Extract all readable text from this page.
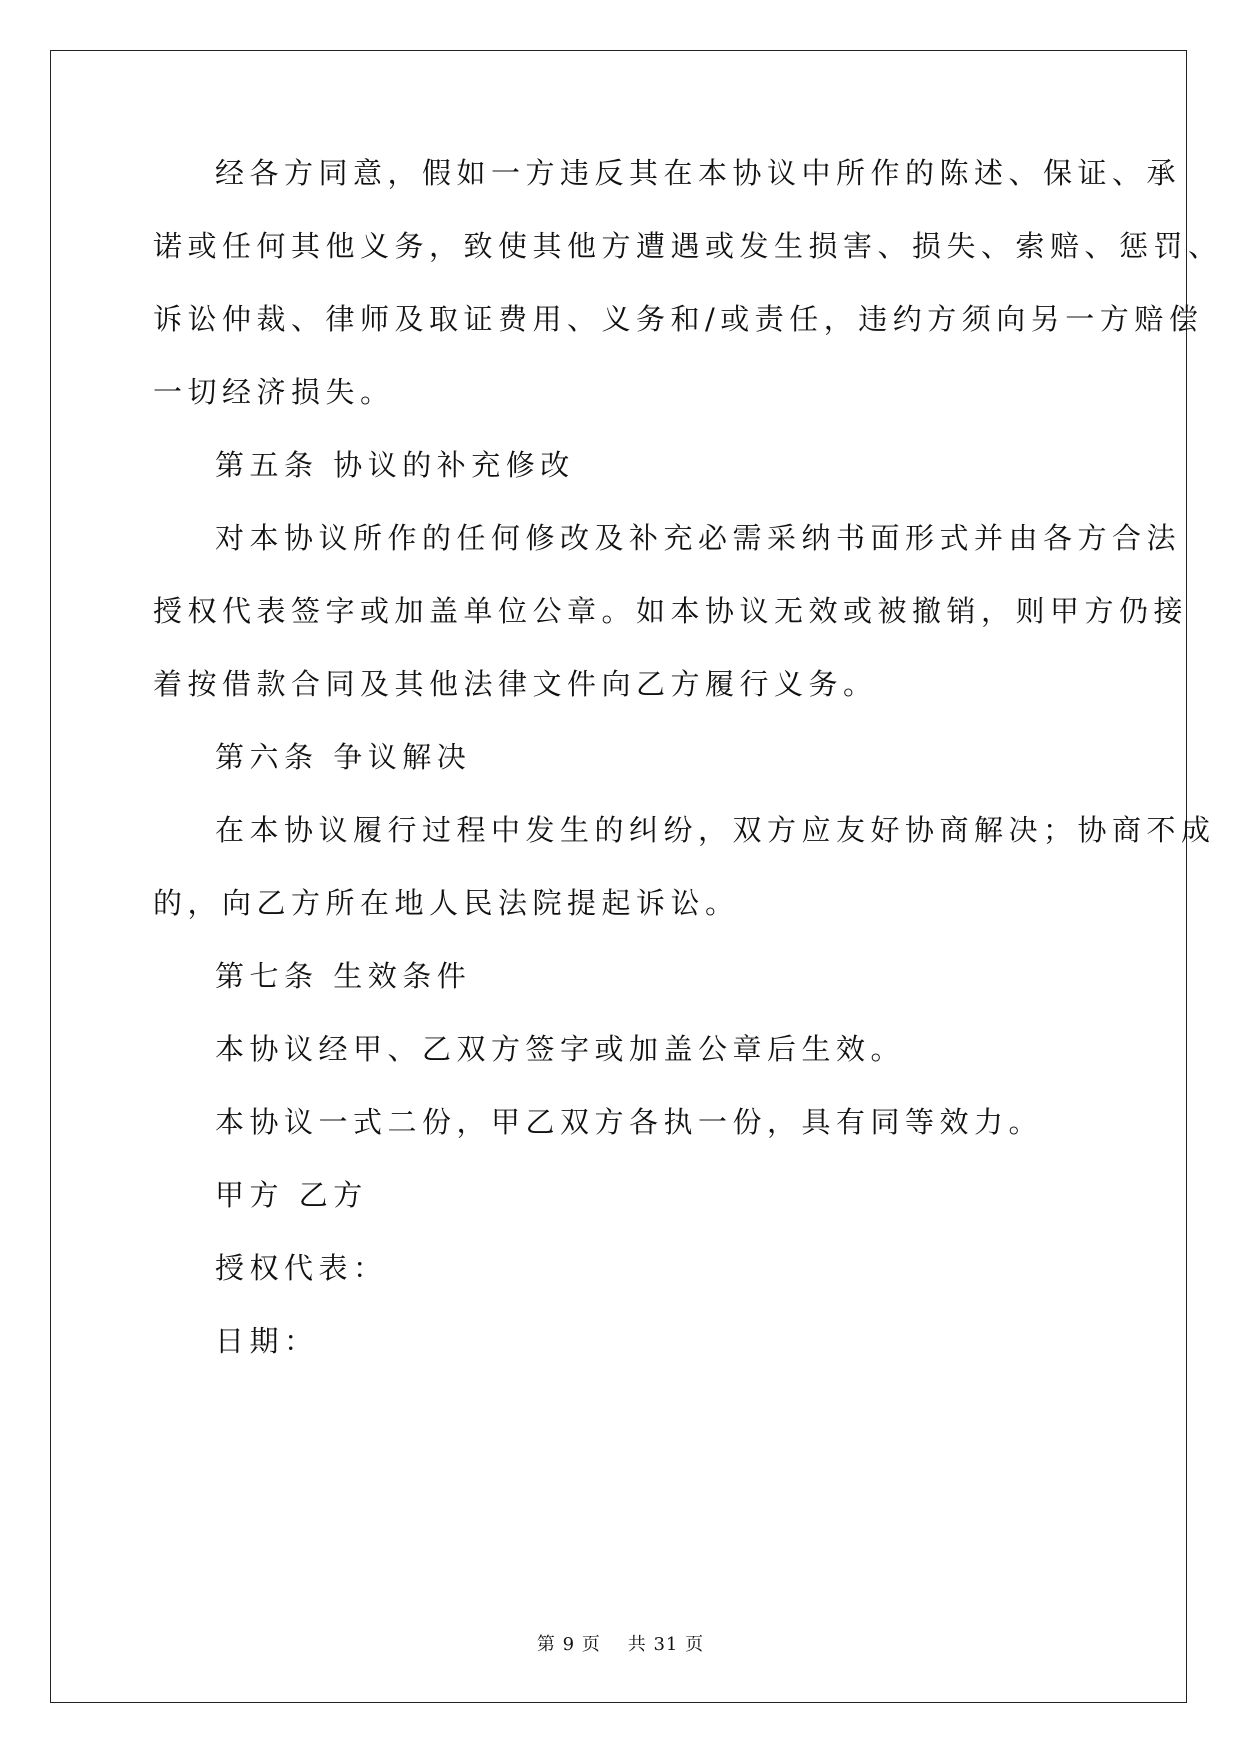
经各方同意，假如一方违反其在本协议中所作的陈述、保证、承
诺或任何其他义务，致使其他方遭遇或发生损害、损失、索赔、惩罚、
诉讼仲裁、律师及取证费用、义务和/或责任，违约方须向另一方赔偿
一切经济损失。
第五条 协议的补充修改
对本协议所作的任何修改及补充必需采纳书面形式并由各方合法
授权代表签字或加盖单位公章。如本协议无效或被撤销，则甲方仍接
着按借款合同及其他法律文件向乙方履行义务。
第六条 争议解决
在本协议履行过程中发生的纠纷，双方应友好协商解决；协商不成
的，向乙方所在地人民法院提起诉讼。
第七条 生效条件
本协议经甲、乙双方签字或加盖公章后生效。
本协议一式二份，甲乙双方各执一份，具有同等效力。
甲方 乙方
授权代表：
日期：
第 9 页 共 31 页
